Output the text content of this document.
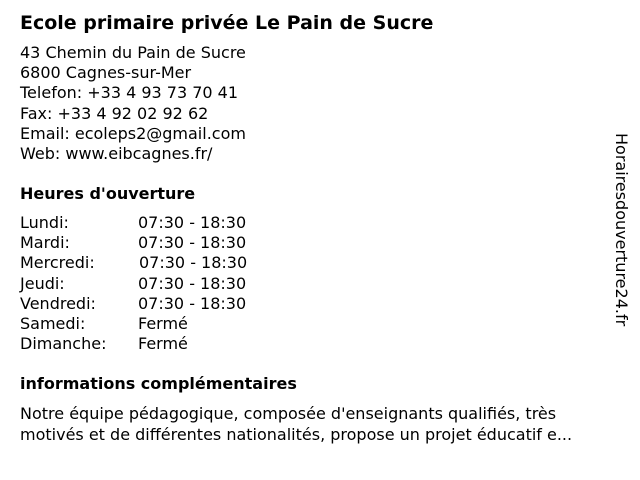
Ecole primaire privée Le Pain de Sucre
43 Chemin du Pain de Sucre
6800 Cagnes-sur-Mer
Telefon: +33 4 93 73 70 41
Fax: +33 4 92 02 92 62
Email: ecoleps2@gmail.com
Web: www.eibcagnes.fr/
Heures d'ouverture
Lundi:	07:30 - 18:30
Mardi:	07:30 - 18:30
Mercredi:	07:30 - 18:30
Jeudi:	07:30 - 18:30
Vendredi:	07:30 - 18:30
Samedi:	Fermé
Dimanche: Fermé
informations complémentaires
Notre équipe pédagogique, composée d'enseignants qualifiés, très
motivés et de différentes nationalités, propose un projet éducatif e...
Horairesdouverture24.fr
